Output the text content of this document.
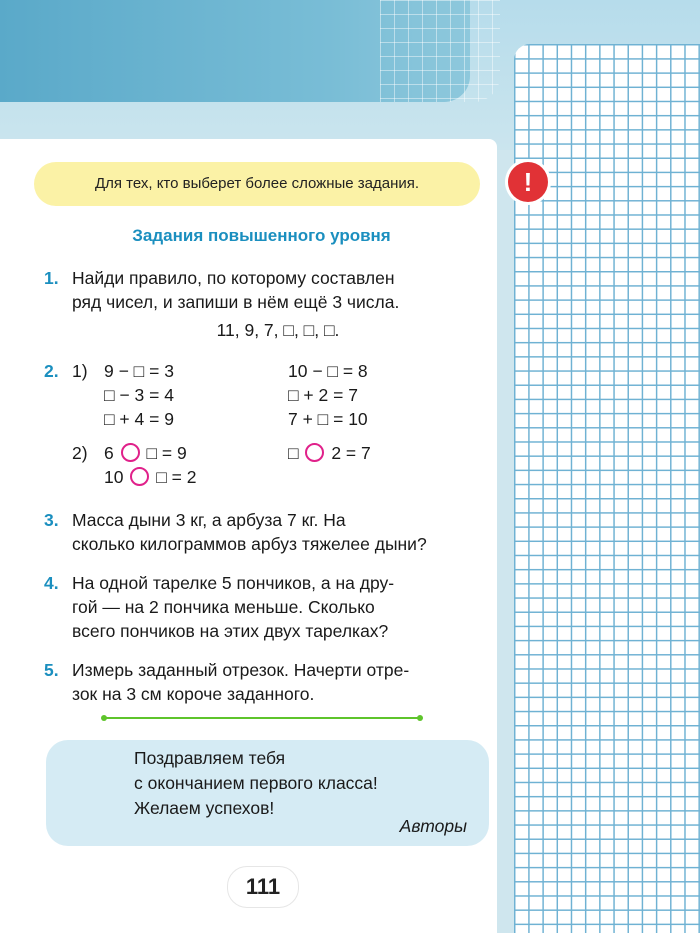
Для тех, кто выберет более сложные задания.	!
Задания повышенного уровня
1. Найди правило, по которому составлен
ряд чисел, и запиши в нём ещё 3 числа.
11, 9, 7, □, □, □.
2. 1) 9 − □ = 3
□ − 3 = 4
□ + 4 = 9
10 − □ = 8
□ + 2 = 7
7 + □ = 10
2) 6 □ = 9
10 □ = 2
□ 2 = 7
3. Масса дыни 3 кг, а арбуза 7 кг. На
сколько килограммов арбуз тяжелее дыни?
4. На одной тарелке 5 пончиков, а на дру-
гой — на 2 пончика меньше. Сколько
всего пончиков на этих двух тарелках?
5. Измерь заданный отрезок. Начерти отре-
зок на 3 см короче заданного.
Поздравляем тебя
с окончанием первого класса!
Желаем успехов!
Авторы
111
